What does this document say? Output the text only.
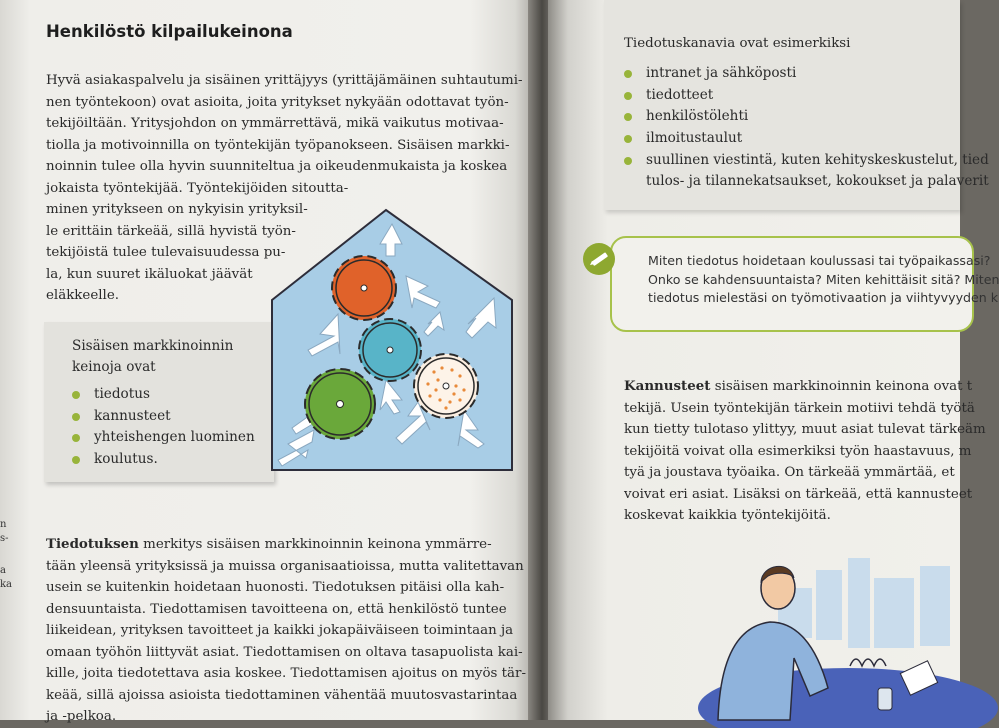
Henkilöstö kilpailukeinona
Hyvä asiakaspalvelu ja sisäinen yrittäjyys (yrittäjämäinen suhtautumi-
nen työntekoon) ovat asioita, joita yritykset nykyään odottavat työn-
tekijöiltään. Yritysjohdon on ymmärrettävä, mikä vaikutus motivaa-
tiolla ja motivoinnilla on työntekijän työpanokseen. Sisäisen markki-
noinnin tulee olla hyvin suunniteltua ja oikeudenmukaista ja koskea
jokaista työntekijää. Työntekijöiden sitoutta-
minen yritykseen on nykyisin yrityksil-
le erittäin tärkeää, sillä hyvistä työn-
tekijöistä tulee tulevaisuudessa pu-
la, kun suuret ikäluokat jäävät
eläkkeelle.
Sisäisen markkinoinnin
keinoja ovat
tiedotus
kannusteet
yhteishengen luominen
koulutus.
Tiedotuksen merkitys sisäisen markkinoinnin keinona ymmärre-
tään yleensä yrityksissä ja muissa organisaatioissa, mutta valitettavan
usein se kuitenkin hoidetaan huonosti. Tiedotuksen pitäisi olla kah-
densuuntaista. Tiedottamisen tavoitteena on, että henkilöstö tuntee
liikeidean, yrityksen tavoitteet ja kaikki jokapäiväiseen toimintaan ja
omaan työhön liittyvät asiat. Tiedottamisen on oltava tasapuolista kai-
kille, joita tiedotettava asia koskee. Tiedottamisen ajoitus on myös tär-
keää, sillä ajoissa asioista tiedottaminen vähentää muutosvastarintaa
ja -pelkoa.
n
s-
a
ka
Tiedotuskanavia ovat esimerkiksi
intranet ja sähköposti
tiedotteet
henkilöstölehti
ilmoitustaulut
suullinen viestintä, kuten kehityskeskustelut, tied
tulos- ja tilannekatsaukset, kokoukset ja palaverit
Miten tiedotus hoidetaan koulussasi tai työpaikassasi?
Onko se kahdensuuntaista? Miten kehittäisit sitä? Miten
tiedotus mielestäsi on työmotivaation ja viihtyvyyden k
Kannusteet sisäisen markkinoinnin keinona ovat t
tekijä. Usein työntekijän tärkein motiivi tehdä työtä
kun tietty tulotaso ylittyy, muut asiat tulevat tärkeäm
tekijöitä voivat olla esimerkiksi työn haastavuus, m
tyä ja joustava työaika. On tärkeää ymmärtää, et
voivat eri asiat. Lisäksi on tärkeää, että kannusteet
koskevat kaikkia työntekijöitä.
